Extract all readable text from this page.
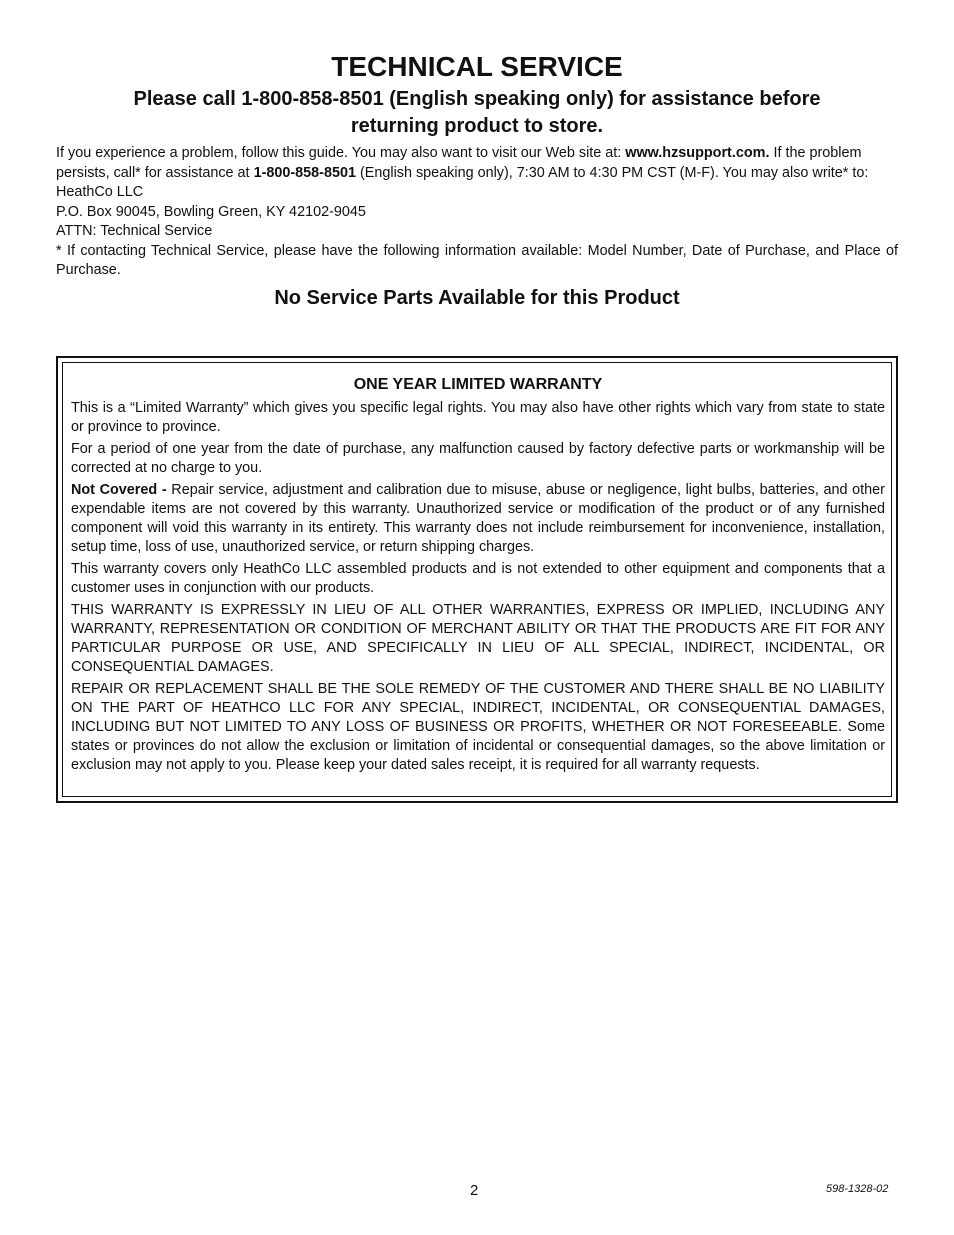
TECHNICAL SERVICE
Please call 1-800-858-8501 (English speaking only) for assistance before
returning product to store.

If you experience a problem, follow this guide. You may also want to visit our Web site at: www.hzsupport.com. If the problem persists, call* for assistance at 1-800-858-8501 (English speaking only), 7:30 AM to 4:30 PM CST (M-F). You may also write* to:

HeathCo LLC

P.O. Box 90045, Bowling Green, KY 42102-9045

ATTN: Technical Service

* If contacting Technical Service, please have the following information available: Model Number, Date of Purchase, and Place of Purchase.

No Service Parts Available for this Product

ONE YEAR LIMITED WARRANTY

This is a “Limited Warranty” which gives you specific legal rights. You may also have other rights which vary from state to state or province to province.

For a period of one year from the date of purchase, any malfunction caused by factory defective parts or workmanship will be corrected at no charge to you.

Not Covered - Repair service, adjustment and calibration due to misuse, abuse or negligence, light bulbs, batteries, and other expendable items are not covered by this warranty. Unauthorized service or modification of the product or of any furnished component will void this warranty in its entirety. This warranty does not include reimbursement for inconvenience, installation, setup time, loss of use, unauthorized service, or return shipping charges.

This warranty covers only HeathCo LLC assembled products and is not extended to other equipment and components that a customer uses in conjunction with our products.

THIS WARRANTY IS EXPRESSLY IN LIEU OF ALL OTHER WARRANTIES, EXPRESS OR IMPLIED, INCLUDING ANY WARRANTY, REPRESENTATION OR CONDITION OF MERCHANT ABILITY OR THAT THE PRODUCTS ARE FIT FOR ANY PARTICULAR PURPOSE OR USE, AND SPECIFICALLY IN LIEU OF ALL SPECIAL, INDIRECT, INCIDENTAL, OR CONSEQUENTIAL DAMAGES.

REPAIR OR REPLACEMENT SHALL BE THE SOLE REMEDY OF THE CUSTOMER AND THERE SHALL BE NO LIABILITY ON THE PART OF HEATHCO LLC FOR ANY SPECIAL, INDIRECT, INCIDENTAL, OR CONSEQUENTIAL DAMAGES, INCLUDING BUT NOT LIMITED TO ANY LOSS OF BUSINESS OR PROFITS, WHETHER OR NOT FORESEEABLE. Some states or provinces do not allow the exclusion or limitation of incidental or consequential damages, so the above limitation or exclusion may not apply to you. Please keep your dated sales receipt, it is required for all warranty requests.

2	598-1328-02
